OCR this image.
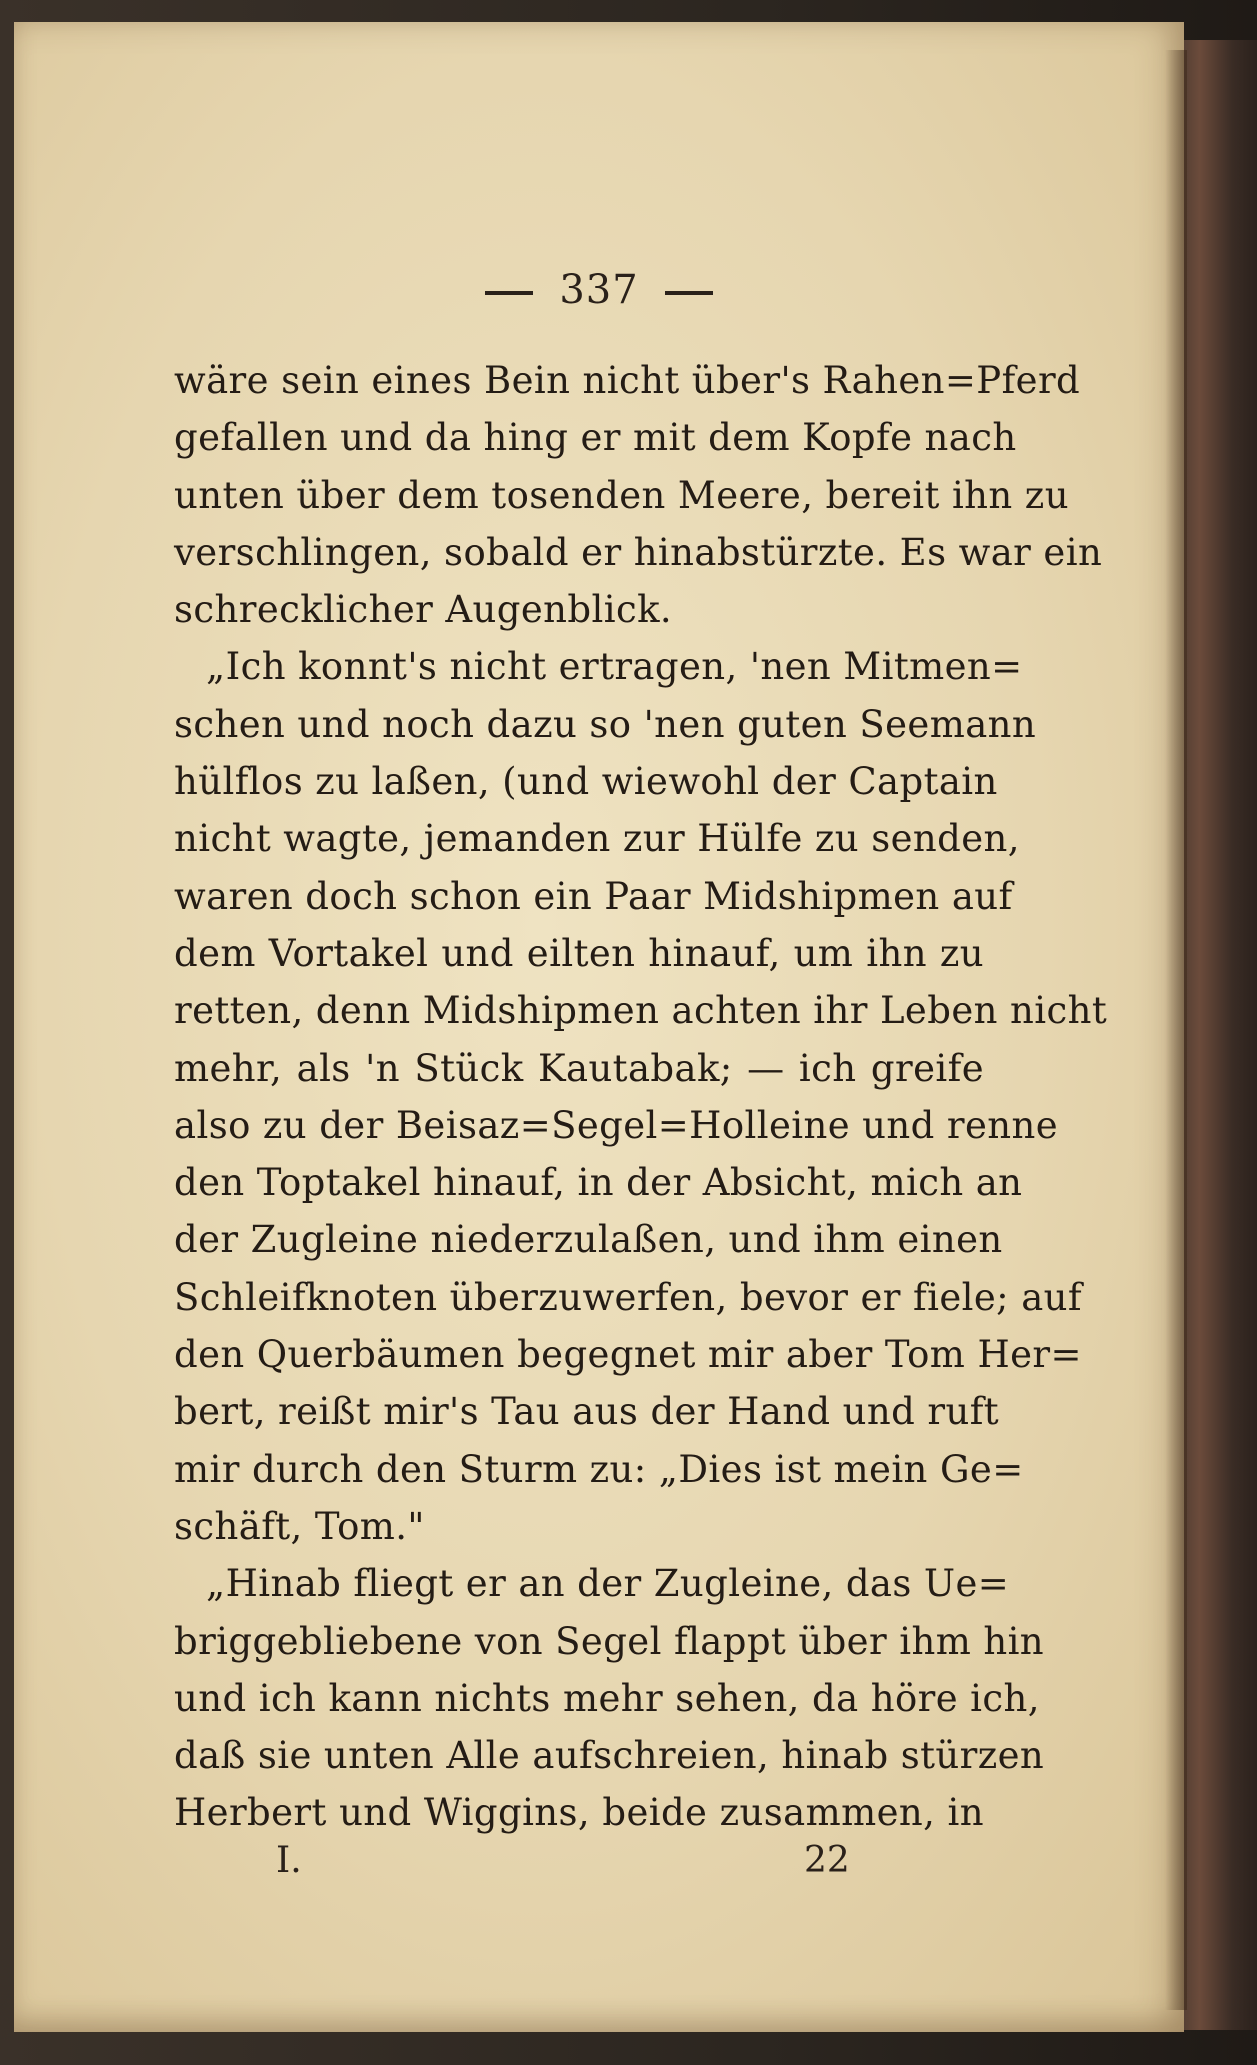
337
wäre sein eines Bein nicht über's Rahen=Pferd
gefallen und da hing er mit dem Kopfe nach
unten über dem tosenden Meere, bereit ihn zu
verschlingen, sobald er hinabstürzte. Es war ein
schrecklicher Augenblick.
„Ich konnt's nicht ertragen, 'nen Mitmen=
schen und noch dazu so 'nen guten Seemann
hülflos zu laßen, (und wiewohl der Captain
nicht wagte, jemanden zur Hülfe zu senden,
waren doch schon ein Paar Midshipmen auf
dem Vortakel und eilten hinauf, um ihn zu
retten, denn Midshipmen achten ihr Leben nicht
mehr, als 'n Stück Kautabak; — ich greife
also zu der Beisaz=Segel=Holleine und renne
den Toptakel hinauf, in der Absicht, mich an
der Zugleine niederzulaßen, und ihm einen
Schleifknoten überzuwerfen, bevor er fiele; auf
den Querbäumen begegnet mir aber Tom Her=
bert, reißt mir's Tau aus der Hand und ruft
mir durch den Sturm zu: „Dies ist mein Ge=
schäft, Tom."
„Hinab fliegt er an der Zugleine, das Ue=
briggebliebene von Segel flappt über ihm hin
und ich kann nichts mehr sehen, da höre ich,
daß sie unten Alle aufschreien, hinab stürzen
Herbert und Wiggins, beide zusammen, in
I.	22
